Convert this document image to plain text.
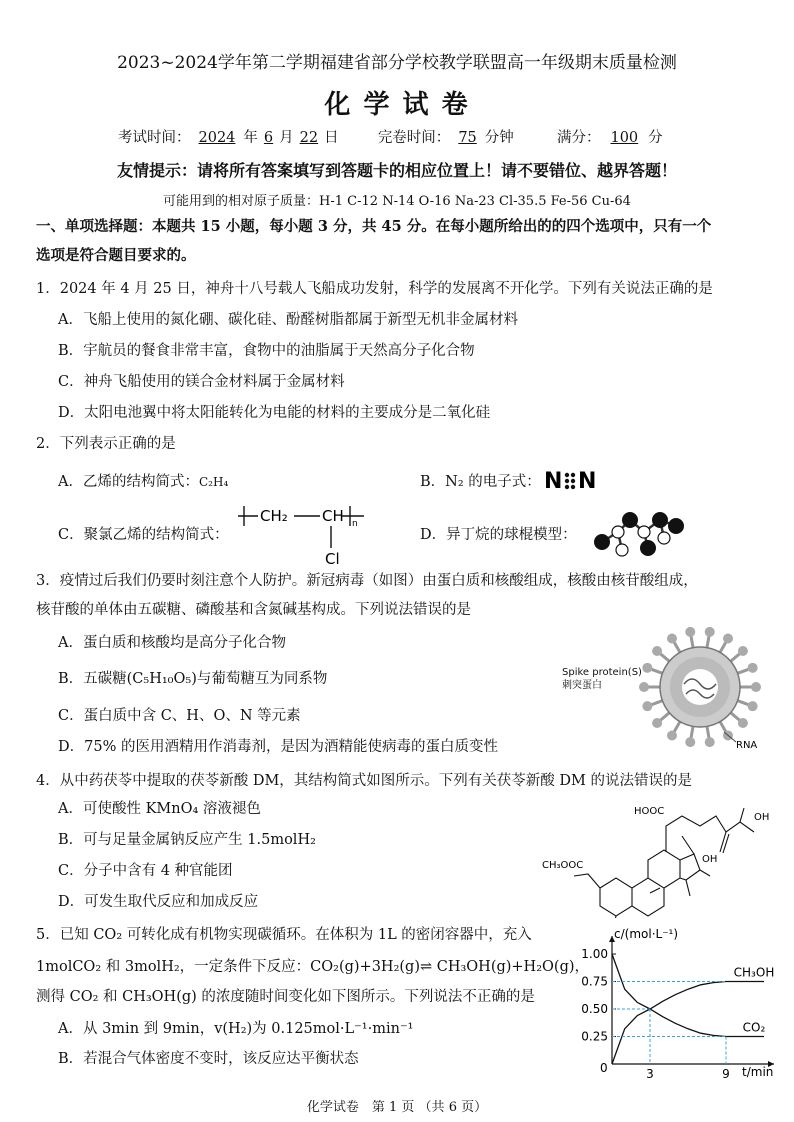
2023~2024学年第二学期福建省部分学校教学联盟高一年级期末质量检测
化 学 试 卷
考试时间： 2024 年 6 月 22 日	完卷时间： 75 分钟	满分： 100 分
友情提示：请将所有答案填写到答题卡的相应位置上！请不要错位、越界答题！
可能用到的相对原子质量：H-1 C-12 N-14 O-16 Na-23 Cl-35.5 Fe-56 Cu-64
一、单项选择题：本题共 15 小题，每小题 3 分，共 45 分。在每小题所给出的的四个选项中，只有一个
选项是符合题目要求的。
1．2024 年 4 月 25 日，神舟十八号载人飞船成功发射，科学的发展离不开化学。下列有关说法正确的是
A．飞船上使用的氮化硼、碳化硅、酚醛树脂都属于新型无机非金属材料
B．宇航员的餐食非常丰富，食物中的油脂属于天然高分子化合物
C．神舟飞船使用的镁合金材料属于金属材料
D．太阳电池翼中将太阳能转化为电能的材料的主要成分是二氧化硅
2．下列表示正确的是
A．乙烯的结构简式：C₂H₄	B．N₂ 的电子式： N N
C．聚氯乙烯的结构简式：
CH₂ CH n
Cl
D．异丁烷的球棍模型：
3．疫情过后我们仍要时刻注意个人防护。新冠病毒（如图）由蛋白质和核酸组成，核酸由核苷酸组成，
核苷酸的单体由五碳糖、磷酸基和含氮碱基构成。下列说法错误的是
A．蛋白质和核酸均是高分子化合物
B．五碳糖(C₅H₁₀O₅)与葡萄糖互为同系物
C．蛋白质中含 C、H、O、N 等元素
D．75% 的医用酒精用作消毒剂，是因为酒精能使病毒的蛋白质变性
Spike protein(S)
刺突蛋白
RNA
4．从中药茯苓中提取的茯苓新酸 DM，其结构简式如图所示。下列有关茯苓新酸 DM 的说法错误的是
A．可使酸性 KMnO₄ 溶液褪色
B．可与足量金属钠反应产生 1.5molH₂
C．分子中含有 4 种官能团
D．可发生取代反应和加成反应
HOOC
OH
OH
CH₃OOC
5．已知 CO₂ 可转化成有机物实现碳循环。在体积为 1L 的密闭容器中，充入
1molCO₂ 和 3molH₂，一定条件下反应：CO₂(g)+3H₂(g)⇌ CH₃OH(g)+H₂O(g)，
测得 CO₂ 和 CH₃OH(g) 的浓度随时间变化如下图所示。下列说法不正确的是
A．从 3min 到 9min，v(H₂)为 0.125mol·L⁻¹·min⁻¹
B．若混合气体密度不变时，该反应达平衡状态
0.25
0.50
0.75
1.00
3	9
CH₃OH
CO₂
c/(mol·L⁻¹)
t/min
0
化学试卷　第 1 页 （共 6 页）
